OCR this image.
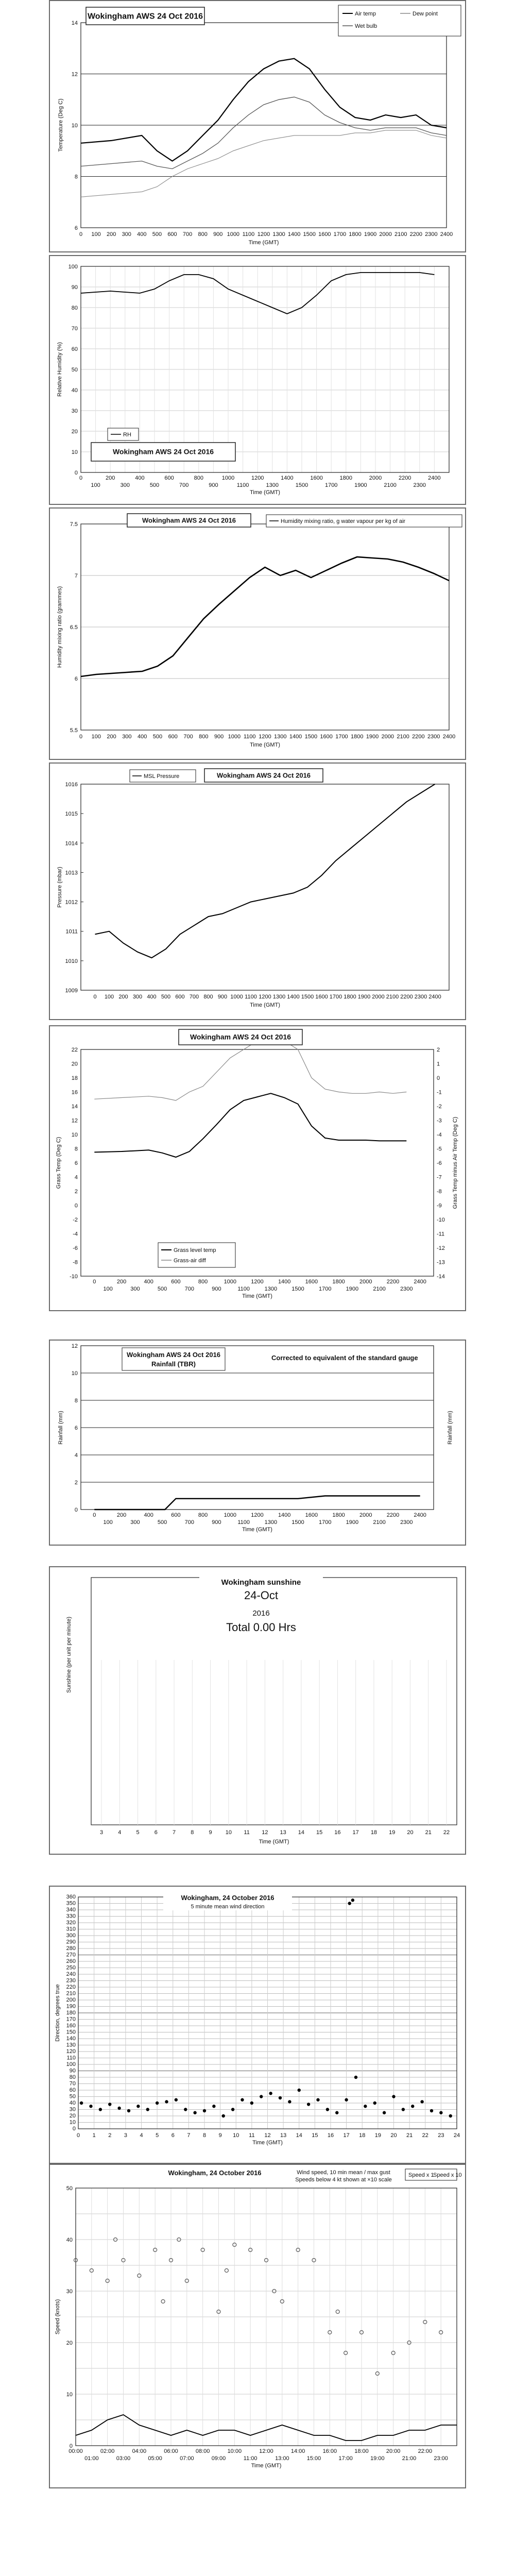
6
8
10
12
14
0 100 200 300 400 500 600 700 800 900 1000 1100 1200 1300 1400 1500 1600 1700 1800 1900 2000 2100 2200 2300 2400
Time (GMT)
Temperature (Deg C)
Wokingham AWS 24 Oct 2016	Air temp	Dew point
Wet bulb
0
10
20
30
40
50
60
70
80
90
100
0	200	400	600	800	1000	1200	1400	1600	1800	2000	2200	2400
100	300	500	700	900	1100	1300	1500	1700	1900	2100	2300
Time (GMT)
Relative Humidity (%)
RH
Wokingham AWS 24 Oct 2016
5.5
6
6.5
7
7.5
0 100 200 300 400 500 600 700 800 900 1000 1100 1200 1300 1400 1500 1600 1700 1800 1900 2000 2100 2200 2300 2400
Time (GMT)
Humidity mixing ratio (grammes)
Wokingham AWS 24 Oct 2016	Humidity mixing ratio, g water vapour per kg of air
1009
1010
1011
1012
1013
1014
1015
1016
0 100 200 300 400 500 600 700 800 900 1000 1100 1200 1300 1400 1500 1600 1700 1800 1900 2000 2100 2200 2300 2400
Time (GMT)
Pressure (mbar)
MSL Pressure	Wokingham AWS 24 Oct 2016
-10
-8
-6
-4
-2
0
2
4
6
8
10
12
14
16
18
20
22
-14
-13
-12
-11
-10
-9
-8
-7
-6
-5
-4
-3
-2
-1
0
1
2
0	200	400	600	800	1000	1200	1400	1600	1800	2000	2200	2400
100	300	500	700	900	1100	1300	1500	1700	1900	2100	2300
Time (GMT)
Grass Temp (Deg C)	Grass Temp minus Air Temp (Deg C)
Wokingham AWS 24 Oct 2016
Grass level temp
Grass-air diff
0
2
4
6
8
10
12
0	200	400	600	800	1000	1200	1400	1600	1800	2000	2200	2400
100	300	500	700	900	1100	1300	1500	1700	1900	2100	2300
Time (GMT)
Rainfall (mm)	Rainfall (mm)
Wokingham AWS 24 Oct 2016
Rainfall (TBR)
Corrected to equivalent of the standard gauge
3	4	5	6	7	8	9 10 11 12 13 14 15 16 17 18 19 20 21 22
Time (GMT)
Sunshine (per unit per minute)
Wokingham sunshine
24-Oct
2016
Total 0.00 Hrs
0
10
20
30
40
50
60
70
80
90
100
110
120
130
140
150
160
170
180
190
200
210
220
230
240
250
260
270
280
290
300
310
320
330
340
350
360
0 1 2 3 4 5 6 7 8 9 10 11 12 13 14 15 16 17 18 19 20 21 22 23 24
Time (GMT)
Direction, degrees true
Wokingham, 24 October 2016
5 minute mean wind direction
0
10
20
30
40
50
00:00	02:00	04:00	06:00	08:00	10:00	12:00	14:00	16:00	18:00	20:00	22:00
01:00	03:00	05:00	07:00	09:00	11:00	13:00	15:00	17:00	19:00	21:00	23:00
Time (GMT)
Speed (knots)
Wokingham, 24 October 2016	Wind speed, 10 min mean / max gust
Speeds below 4 kt shown at ×10 scale
Speed x 1
Speed x 10
